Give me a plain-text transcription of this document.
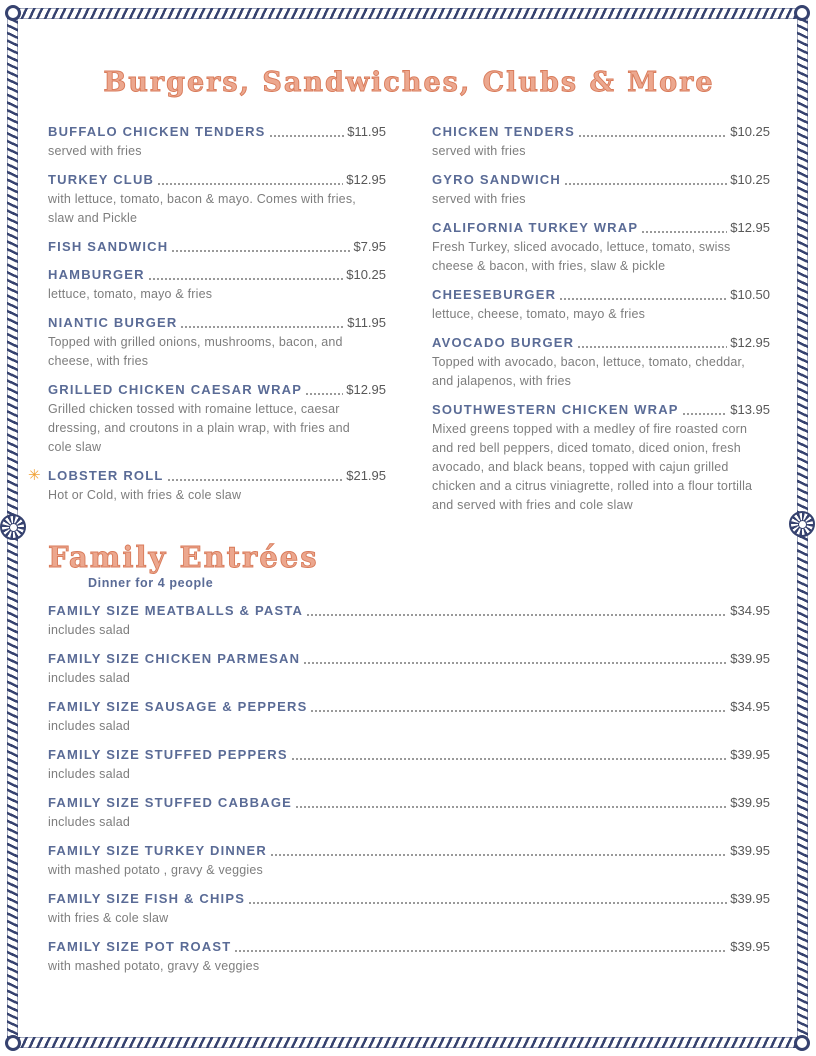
Burgers, Sandwiches, Clubs & More
BUFFALO CHICKEN TENDERS	$11.95
served with fries
TURKEY CLUB	$12.95
with lettuce, tomato, bacon & mayo. Comes with fries, slaw and Pickle
FISH SANDWICH	$7.95
HAMBURGER	$10.25
lettuce, tomato, mayo & fries
NIANTIC BURGER	$11.95
Topped with grilled onions, mushrooms, bacon, and cheese, with fries
GRILLED CHICKEN CAESAR WRAP	$12.95
Grilled chicken tossed with romaine lettuce, caesar dressing, and croutons in a plain wrap, with fries and cole slaw
✳ LOBSTER ROLL	$21.95
Hot or Cold, with fries & cole slaw
CHICKEN TENDERS	$10.25
served with fries
GYRO SANDWICH	$10.25
served with fries
CALIFORNIA TURKEY WRAP	$12.95
Fresh Turkey, sliced avocado, lettuce, tomato, swiss cheese & bacon, with fries, slaw & pickle
CHEESEBURGER	$10.50
lettuce, cheese, tomato, mayo & fries
AVOCADO BURGER	$12.95
Topped with avocado, bacon, lettuce, tomato, cheddar, and jalapenos, with fries
SOUTHWESTERN CHICKEN WRAP	$13.95
Mixed greens topped with a medley of fire roasted corn and red bell peppers, diced tomato, diced onion, fresh avocado, and black beans, topped with cajun grilled chicken and a citrus viniagrette, rolled into a flour tortilla and served with fries and cole slaw
Family Entrées
Dinner for 4 people
FAMILY SIZE MEATBALLS & PASTA	$34.95
includes salad
FAMILY SIZE CHICKEN PARMESAN	$39.95
includes salad
FAMILY SIZE SAUSAGE & PEPPERS	$34.95
includes salad
FAMILY SIZE STUFFED PEPPERS	$39.95
includes salad
FAMILY SIZE STUFFED CABBAGE	$39.95
includes salad
FAMILY SIZE TURKEY DINNER	$39.95
with mashed potato , gravy & veggies
FAMILY SIZE FISH & CHIPS	$39.95
with fries & cole slaw
FAMILY SIZE POT ROAST	$39.95
with mashed potato, gravy & veggies
